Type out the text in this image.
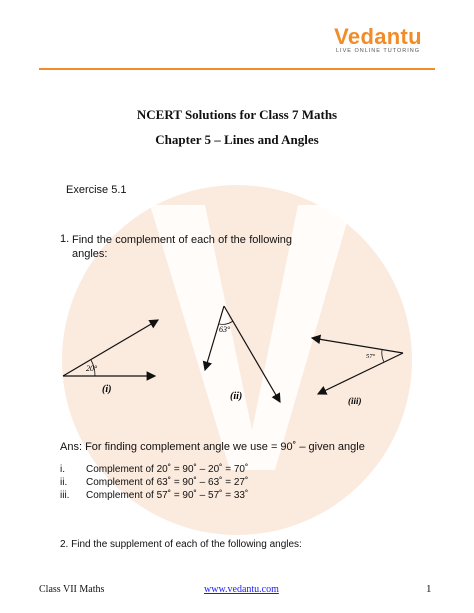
Vedantu
LIVE ONLINE TUTORING
NCERT Solutions for Class 7 Maths
Chapter 5 – Lines and Angles
Exercise 5.1
1. Find the complement of each of the following angles:
20°
(i)
63°
(ii)
57°
(iii)
Ans: For finding complement angle we use = 90˚ – given angle
i. Complement of 20˚ = 90˚ – 20˚ = 70˚
ii. Complement of 63˚ = 90˚ – 63˚ = 27˚
iii. Complement of 57˚ = 90˚ – 57˚ = 33˚
2. Find the supplement of each of the following angles:
Class VII Maths	www.vedantu.com	1
